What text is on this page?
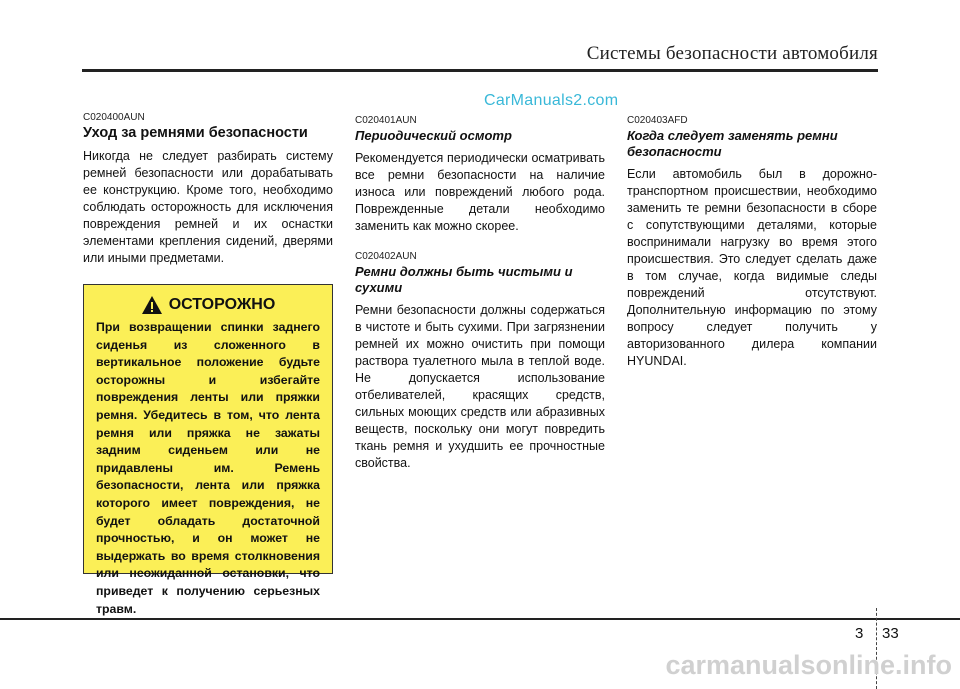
Системы безопасности автомобиля
CarManuals2.com
C020400AUN
Уход за ремнями безопасности
Никогда не следует разбирать систему ремней безопасности или дорабатывать ее конструкцию. Кроме того, необходимо соблюдать осторожность для исключения повреждения ремней и их оснастки элементами крепления сидений, дверями или иными предметами.
ОСТОРОЖНО
При возвращении спинки заднего сиденья из сложенного в вертикальное положение будьте осторожны и избегайте повреждения ленты или пряжки ремня. Убедитесь в том, что лента ремня или пряжка не зажаты задним сиденьем или не придавлены им. Ремень безопасности, лента или пряжка которого имеет повреждения, не будет обладать достаточной прочностью, и он может не выдержать во время столкновения или неожиданной остановки, что приведет к получению серьезных травм.
C020401AUN
Периодический осмотр
Рекомендуется периодически осматривать все ремни безопасности на наличие износа или повреждений любого рода. Поврежденные детали необходимо заменить как можно скорее.
C020402AUN
Ремни должны быть чистыми и сухими
Ремни безопасности должны содержаться в чистоте и быть сухими. При загрязнении ремней их можно очистить при помощи раствора туалетного мыла в теплой воде. Не допускается использование отбеливателей, красящих средств, сильных моющих средств или абразивных веществ, поскольку они могут повредить ткань ремня и ухудшить ее прочностные свойства.
C020403AFD
Когда следует заменять ремни безопасности
Если автомобиль был в дорожно-транспортном происшествии, необходимо заменить те ремни безопасности в сборе с сопутствующими деталями, которые воспринимали нагрузку во время этого происшествия. Это следует сделать даже в том случае, когда видимые следы повреждений отсутствуют. Дополнительную информацию по этому вопросу следует получить у авторизованного дилера компании HYUNDAI.
3 33
carmanualsonline.info
